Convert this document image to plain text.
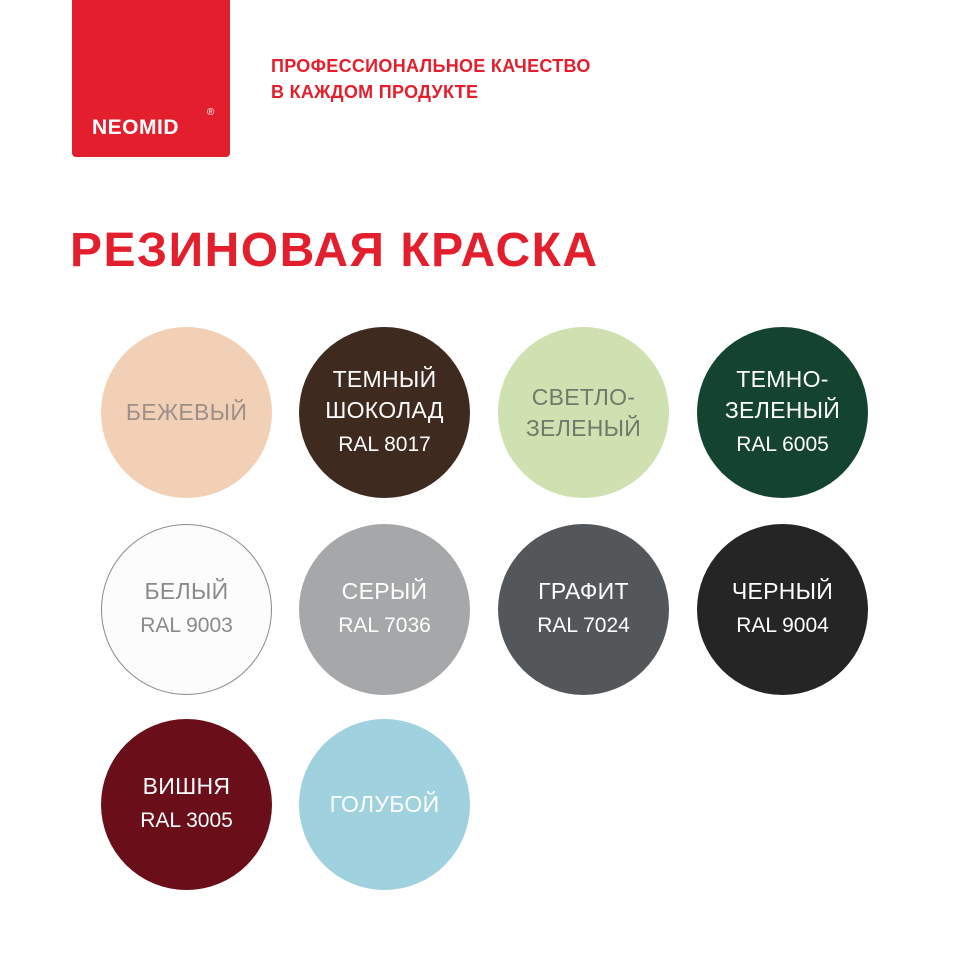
NEOMID
®
ПРОФЕССИОНАЛЬНОЕ КАЧЕСТВО
В КАЖДОМ ПРОДУКТЕ
РЕЗИНОВАЯ КРАСКА
БЕЖЕВЫЙ
ТЕМНЫЙ
ШОКОЛАД
RAL 8017
СВЕТЛО-
ЗЕЛЕНЫЙ
ТЕМНО-
ЗЕЛЕНЫЙ
RAL 6005
БЕЛЫЙ
RAL 9003
СЕРЫЙ
RAL 7036
ГРАФИТ
RAL 7024
ЧЕРНЫЙ
RAL 9004
ВИШНЯ
RAL 3005
ГОЛУБОЙ
